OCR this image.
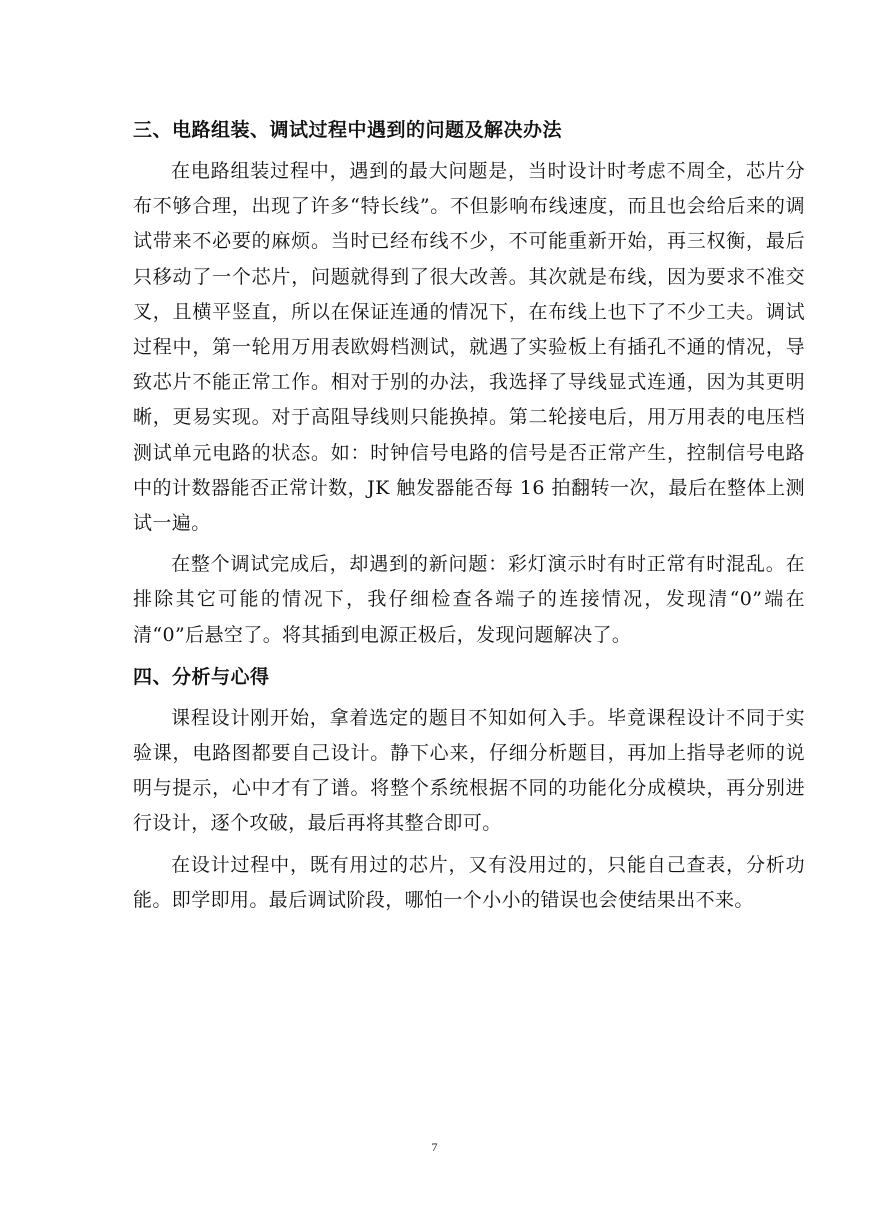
三、电路组装、调试过程中遇到的问题及解决办法

在电路组装过程中，遇到的最大问题是，当时设计时考虑不周全，芯片分布不够合理，出现了许多“特长线”。不但影响布线速度，而且也会给后来的调试带来不必要的麻烦。当时已经布线不少，不可能重新开始，再三权衡，最后只移动了一个芯片，问题就得到了很大改善。其次就是布线，因为要求不准交叉，且横平竖直，所以在保证连通的情况下，在布线上也下了不少工夫。调试过程中，第一轮用万用表欧姆档测试，就遇了实验板上有插孔不通的情况，导致芯片不能正常工作。相对于别的办法，我选择了导线显式连通，因为其更明晰，更易实现。对于高阻导线则只能换掉。第二轮接电后，用万用表的电压档测试单元电路的状态。如：时钟信号电路的信号是否正常产生，控制信号电路中的计数器能否正常计数，JK 触发器能否每 16 拍翻转一次，最后在整体上测试一遍。

在整个调试完成后，却遇到的新问题：彩灯演示时有时正常有时混乱。在排除其它可能的情况下，我仔细检查各端子的连接情况，发现清“0”端在清“0”后悬空了。将其插到电源正极后，发现问题解决了。

四、分析与心得

课程设计刚开始，拿着选定的题目不知如何入手。毕竟课程设计不同于实验课，电路图都要自己设计。静下心来，仔细分析题目，再加上指导老师的说明与提示，心中才有了谱。将整个系统根据不同的功能化分成模块，再分别进行设计，逐个攻破，最后再将其整合即可。

在设计过程中，既有用过的芯片，又有没用过的，只能自己查表，分析功能。即学即用。最后调试阶段，哪怕一个小小的错误也会使结果出不来。

7
